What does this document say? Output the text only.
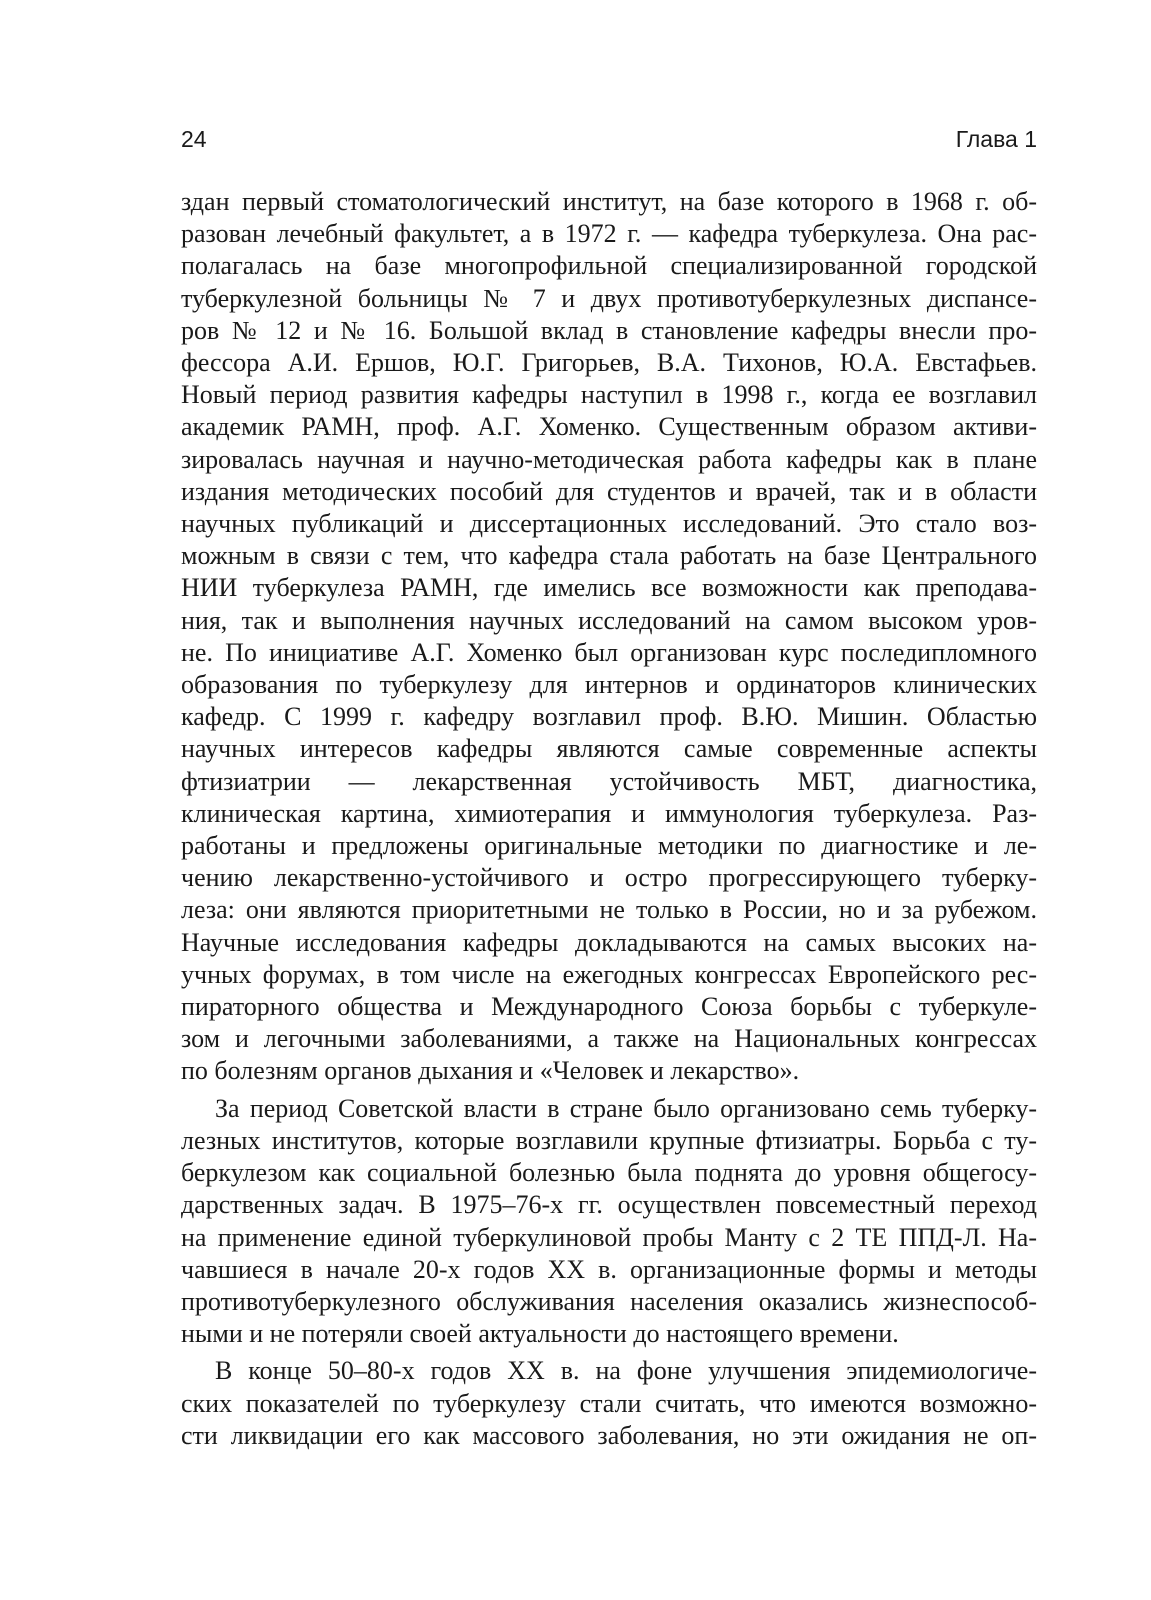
24	Глава 1

здан первый стоматологический институт, на базе которого в 1968 г. об-
разован лечебный факультет, а в 1972 г. — кафедра туберкулеза. Она рас-
полагалась на базе многопрофильной специализированной городской
туберкулезной больницы № 7 и двух противотуберкулезных диспансе-
ров № 12 и № 16. Большой вклад в становление кафедры внесли про-
фессора А.И. Ершов, Ю.Г. Григорьев, В.А. Тихонов, Ю.А. Евстафьев.
Новый период развития кафедры наступил в 1998 г., когда ее возглавил
академик РАМН, проф. А.Г. Хоменко. Существенным образом активи-
зировалась научная и научно-методическая работа кафедры как в плане
издания методических пособий для студентов и врачей, так и в области
научных публикаций и диссертационных исследований. Это стало воз-
можным в связи с тем, что кафедра стала работать на базе Центрального
НИИ туберкулеза РАМН, где имелись все возможности как преподава-
ния, так и выполнения научных исследований на самом высоком уров-
не. По инициативе А.Г. Хоменко был организован курс последипломного
образования по туберкулезу для интернов и ординаторов клинических
кафедр. С 1999 г. кафедру возглавил проф. В.Ю. Мишин. Областью
научных интересов кафедры являются самые современные аспекты
фтизиатрии — лекарственная устойчивость МБТ, диагностика,
клиническая картина, химиотерапия и иммунология туберкулеза. Раз-
работаны и предложены оригинальные методики по диагностике и ле-
чению лекарственно-устойчивого и остро прогрессирующего туберку-
леза: они являются приоритетными не только в России, но и за рубежом.
Научные исследования кафедры докладываются на самых высоких на-
учных форумах, в том числе на ежегодных конгрессах Европейского рес-
пираторного общества и Международного Союза борьбы с туберкуле-
зом и легочными заболеваниями, а также на Национальных конгрессах
по болезням органов дыхания и «Человек и лекарство».

За период Советской власти в стране было организовано семь туберку-
лезных институтов, которые возглавили крупные фтизиатры. Борьба с ту-
беркулезом как социальной болезнью была поднята до уровня общегосу-
дарственных задач. В 1975–76-х гг. осуществлен повсеместный переход
на применение единой туберкулиновой пробы Манту с 2 ТЕ ППД-Л. На-
чавшиеся в начале 20-х годов XX в. организационные формы и методы
противотуберкулезного обслуживания населения оказались жизнеспособ-
ными и не потеряли своей актуальности до настоящего времени.

В конце 50–80-х годов XX в. на фоне улучшения эпидемиологиче-
ских показателей по туберкулезу стали считать, что имеются возможно-
сти ликвидации его как массового заболевания, но эти ожидания не оп-
